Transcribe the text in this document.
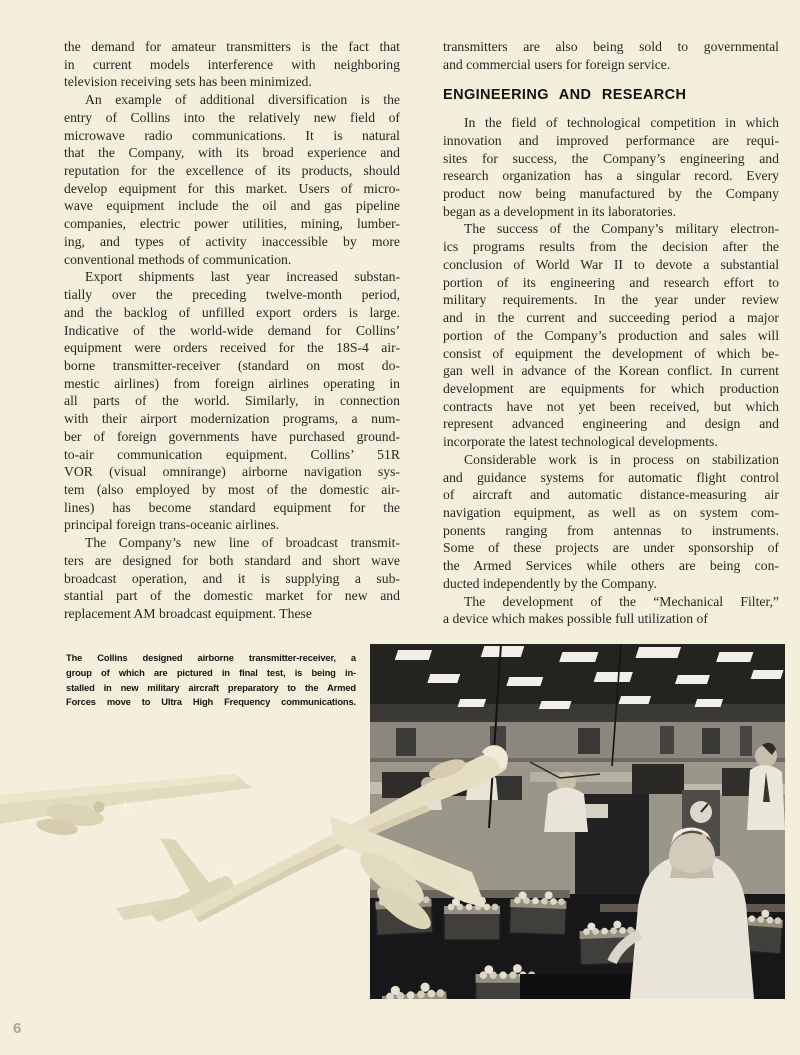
the demand for amateur transmitters is the fact that
in current models interference with neighboring
television receiving sets has been minimized.
An example of additional diversification is the
entry of Collins into the relatively new field of
microwave radio communications. It is natural
that the Company, with its broad experience and
reputation for the excellence of its products, should
develop equipment for this market. Users of micro-
wave equipment include the oil and gas pipeline
companies, electric power utilities, mining, lumber-
ing, and types of activity inaccessible by more
conventional methods of communication.
Export shipments last year increased substan-
tially over the preceding twelve-month period,
and the backlog of unfilled export orders is large.
Indicative of the world-wide demand for Collins’
equipment were orders received for the 18S-4 air-
borne transmitter-receiver (standard on most do-
mestic airlines) from foreign airlines operating in
all parts of the world. Similarly, in connection
with their airport modernization programs, a num-
ber of foreign governments have purchased ground-
to-air communication equipment. Collins’ 51R
VOR (visual omnirange) airborne navigation sys-
tem (also employed by most of the domestic air-
lines) has become standard equipment for the
principal foreign trans-oceanic airlines.
The Company’s new line of broadcast transmit-
ters are designed for both standard and short wave
broadcast operation, and it is supplying a sub-
stantial part of the domestic market for new and
replacement AM broadcast equipment. These
transmitters are also being sold to governmental
and commercial users for foreign service.
ENGINEERING AND RESEARCH
In the field of technological competition in which
innovation and improved performance are requi-
sites for success, the Company’s engineering and
research organization has a singular record. Every
product now being manufactured by the Company
began as a development in its laboratories.
The success of the Company’s military electron-
ics programs results from the decision after the
conclusion of World War II to devote a substantial
portion of its engineering and research effort to
military requirements. In the year under review
and in the current and succeeding period a major
portion of the Company’s production and sales will
consist of equipment the development of which be-
gan well in advance of the Korean conflict. In current
development are equipments for which production
contracts have not yet been received, but which
represent advanced engineering and design and
incorporate the latest technological developments.
Considerable work is in process on stabilization
and guidance systems for automatic flight control
of aircraft and automatic distance-measuring air
navigation equipment, as well as on system com-
ponents ranging from antennas to instruments.
Some of these projects are under sponsorship of
the Armed Services while others are being con-
ducted independently by the Company.
The development of the “Mechanical Filter,”
a device which makes possible full utilization of
The Collins designed airborne transmitter-receiver, a
group of which are pictured in final test, is being in-
stalled in new military aircraft preparatory to the Armed
Forces move to Ultra High Frequency communications.
6
